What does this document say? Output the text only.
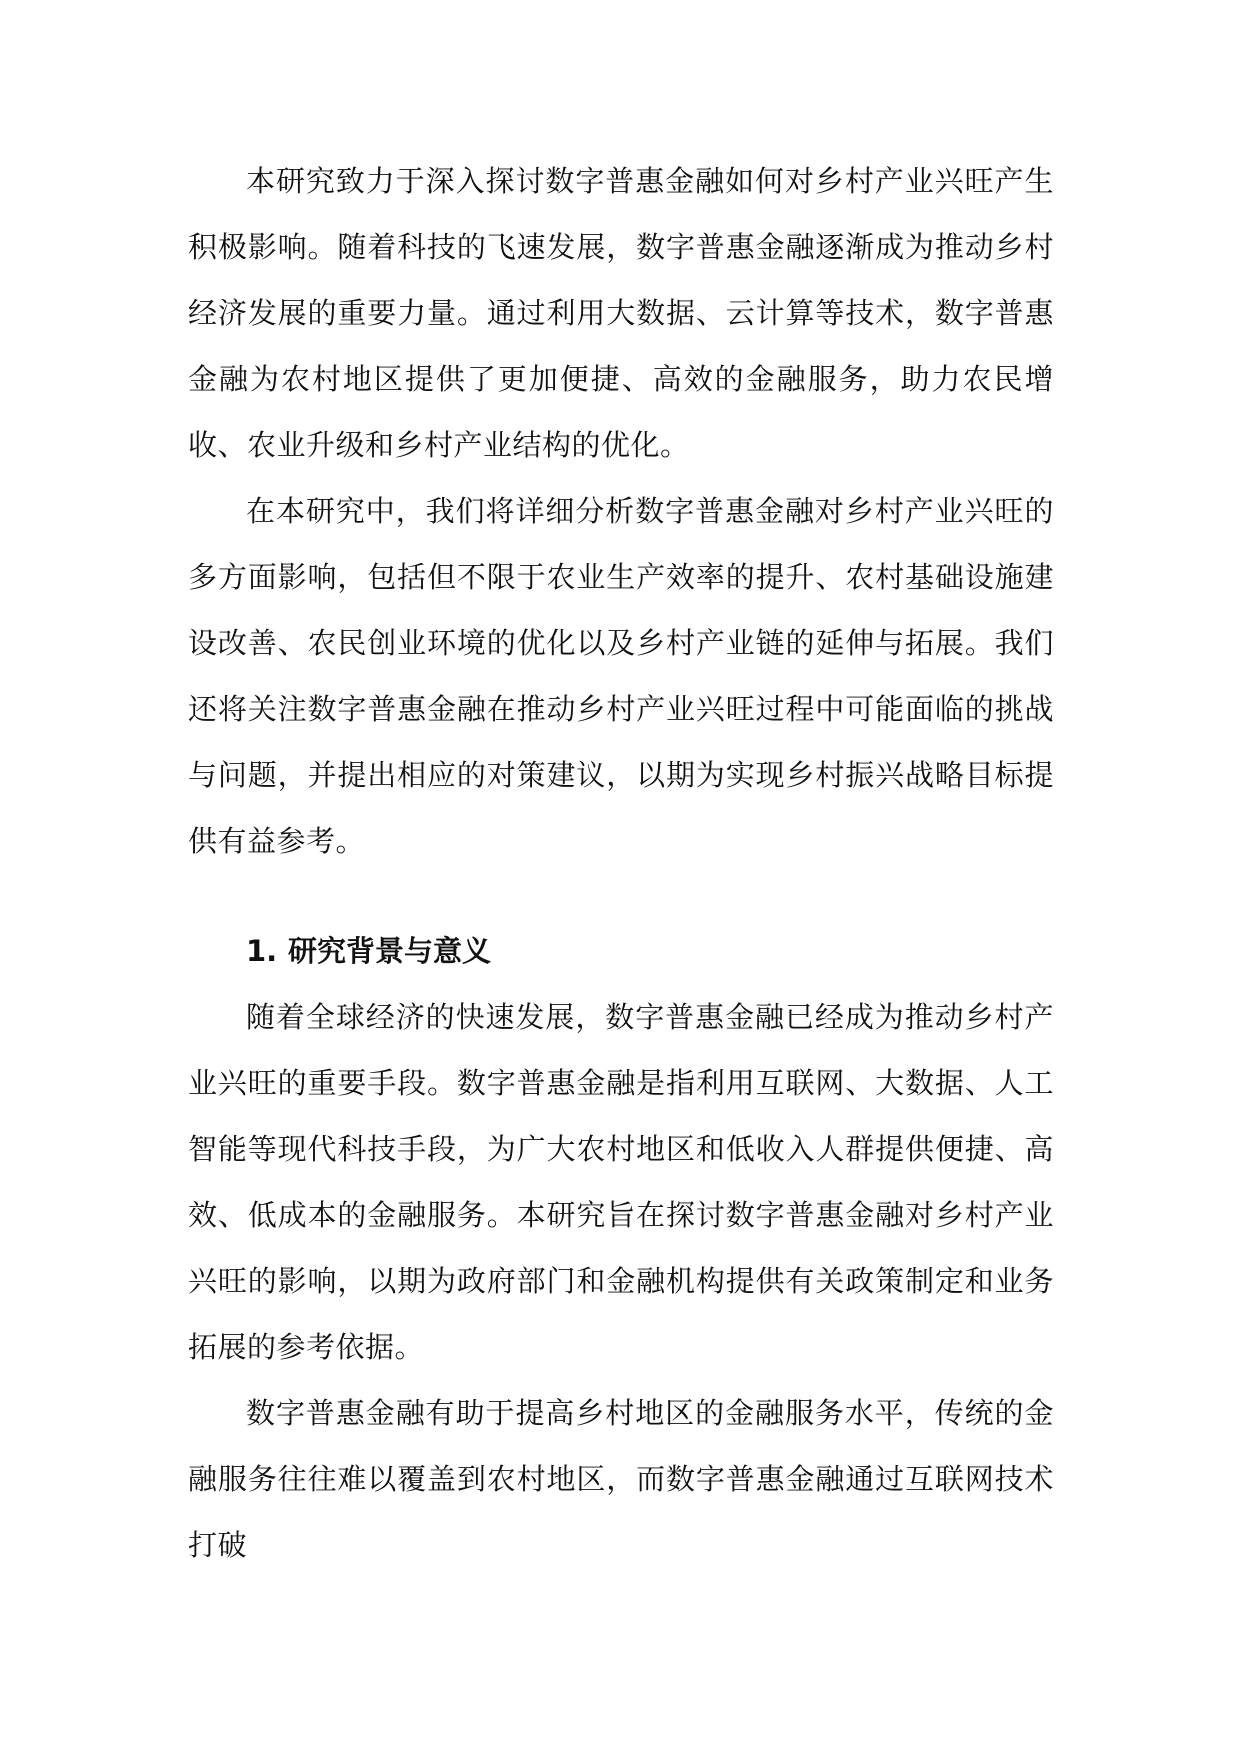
本研究致力于深入探讨数字普惠金融如何对乡村产业兴旺产生积极影响。随着科技的飞速发展，数字普惠金融逐渐成为推动乡村经济发展的重要力量。通过利用大数据、云计算等技术，数字普惠金融为农村地区提供了更加便捷、高效的金融服务，助力农民增收、农业升级和乡村产业结构的优化。

在本研究中，我们将详细分析数字普惠金融对乡村产业兴旺的多方面影响，包括但不限于农业生产效率的提升、农村基础设施建设改善、农民创业环境的优化以及乡村产业链的延伸与拓展。我们还将关注数字普惠金融在推动乡村产业兴旺过程中可能面临的挑战与问题，并提出相应的对策建议，以期为实现乡村振兴战略目标提供有益参考。

1. 研究背景与意义

随着全球经济的快速发展，数字普惠金融已经成为推动乡村产业兴旺的重要手段。数字普惠金融是指利用互联网、大数据、人工智能等现代科技手段，为广大农村地区和低收入人群提供便捷、高效、低成本的金融服务。本研究旨在探讨数字普惠金融对乡村产业兴旺的影响，以期为政府部门和金融机构提供有关政策制定和业务拓展的参考依据。

数字普惠金融有助于提高乡村地区的金融服务水平，传统的金融服务往往难以覆盖到农村地区，而数字普惠金融通过互联网技术打破
